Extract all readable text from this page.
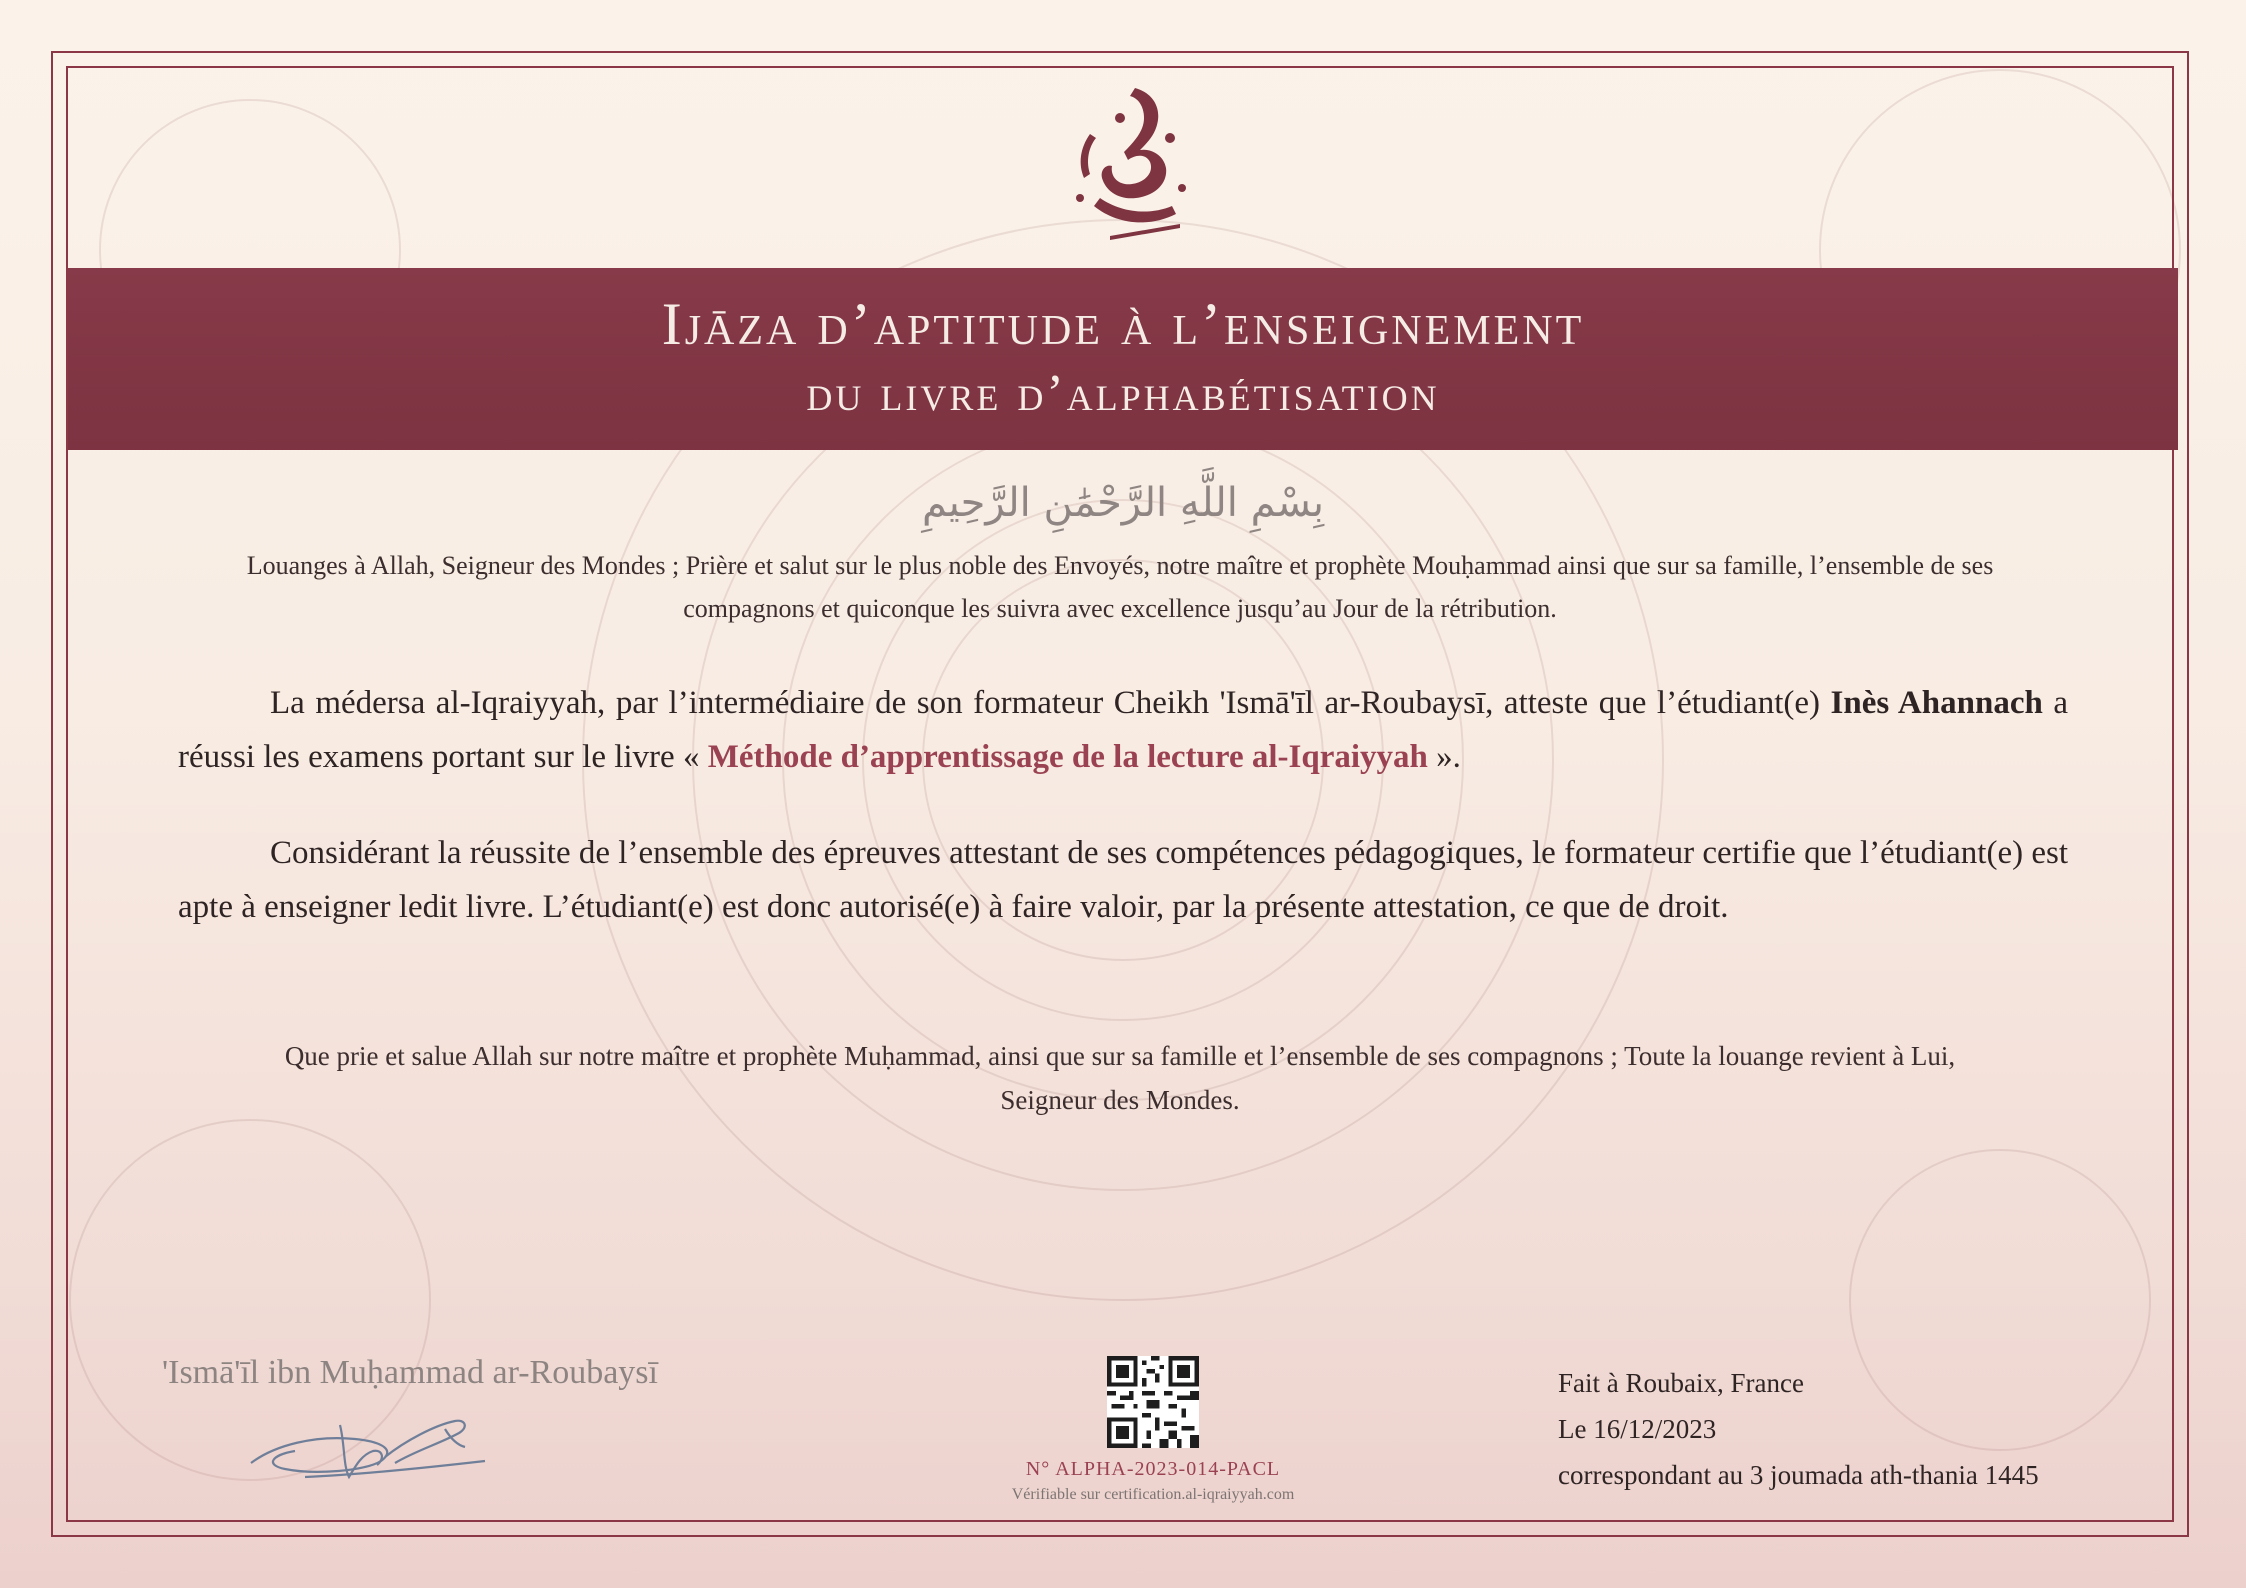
Ijāza d’aptitude à l’enseignement
du livre d’alphabétisation
بِسْمِ اللَّهِ الرَّحْمَٰنِ الرَّحِيمِ
Louanges à Allah, Seigneur des Mondes ; Prière et salut sur le plus noble des Envoyés, notre maître et prophète Mouḥammad ainsi que sur sa famille, l’ensemble de ses compagnons et quiconque les suivra avec excellence jusqu’au Jour de la rétribution.
La médersa al-Iqraiyyah, par l’intermédiaire de son formateur Cheikh 'Ismā'īl ar-Roubaysī, atteste que l’étudiant(e) Inès Ahannach a réussi les examens portant sur le livre « Méthode d’apprentissage de la lecture al-Iqraiyyah ».
Considérant la réussite de l’ensemble des épreuves attestant de ses compétences pédagogiques, le formateur certifie que l’étudiant(e) est apte à enseigner ledit livre. L’étudiant(e) est donc autorisé(e) à faire valoir, par la présente attestation, ce que de droit.
Que prie et salue Allah sur notre maître et prophète Muḥammad, ainsi que sur sa famille et l’ensemble de ses compagnons ; Toute la louange revient à Lui, Seigneur des Mondes.
'Ismā'īl ibn Muḥammad ar-Roubaysī
N° ALPHA-2023-014-PACL
Vérifiable sur certification.al-iqraiyyah.com
Fait à Roubaix, France
Le 16/12/2023
correspondant au 3 joumada ath-thania 1445
